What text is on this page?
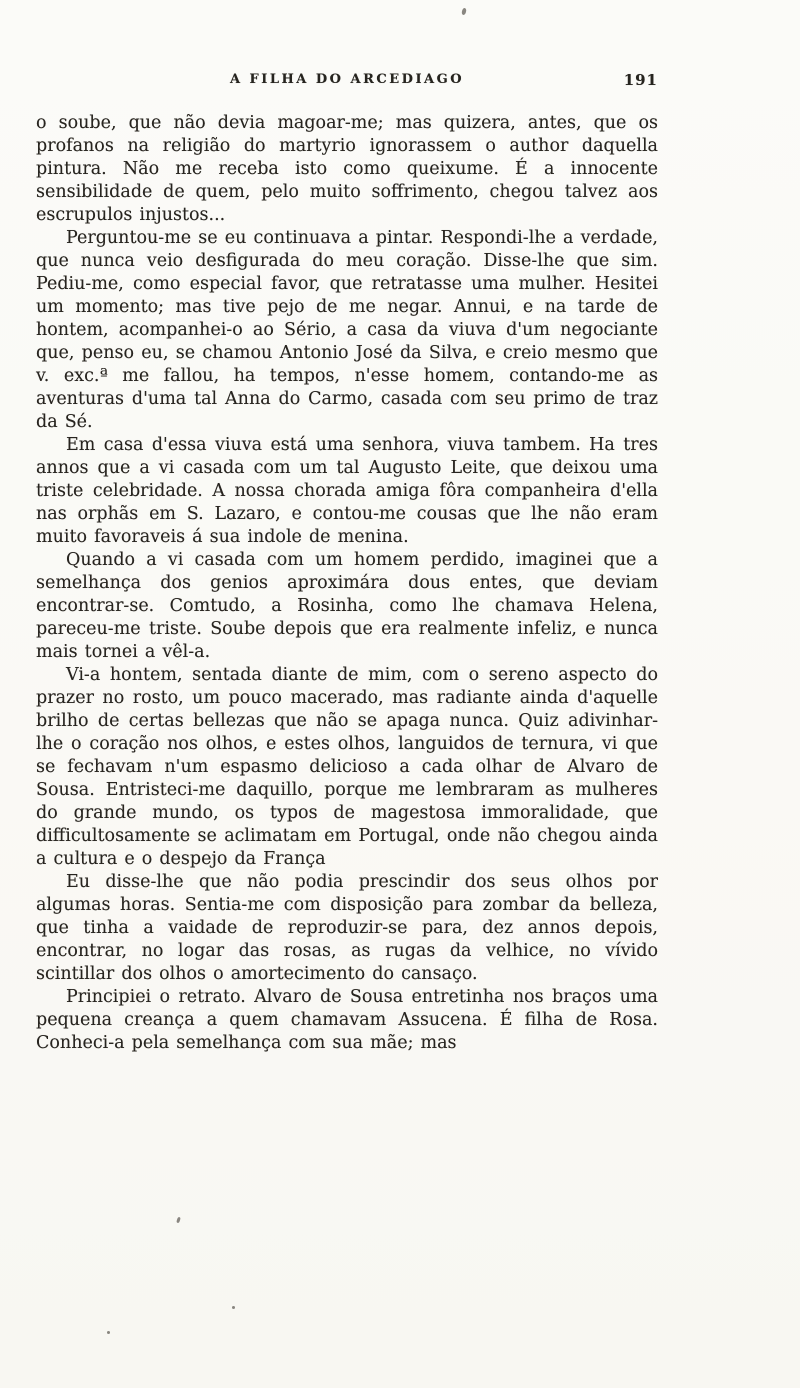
A FILHA DO ARCEDIAGO	191

o soube, que não devia magoar-me; mas quizera, antes, que os profanos na religião do martyrio ignorassem o author daquella pintura. Não me receba isto como queixume. É a innocente sensibilidade de quem, pelo muito soffrimento, chegou talvez aos escrupulos injustos...

Perguntou-me se eu continuava a pintar. Respondi-lhe a verdade, que nunca veio desfigurada do meu coração. Disse-lhe que sim. Pediu-me, como especial favor, que retratasse uma mulher. Hesitei um momento; mas tive pejo de me negar. Annui, e na tarde de hontem, acompanhei-o ao Sério, a casa da viuva d'um negociante que, penso eu, se chamou Antonio José da Silva, e creio mesmo que v. exc.ª me fallou, ha tempos, n'esse homem, contando-me as aventuras d'uma tal Anna do Carmo, casada com seu primo de traz da Sé.

Em casa d'essa viuva está uma senhora, viuva tambem. Ha tres annos que a vi casada com um tal Augusto Leite, que deixou uma triste celebridade. A nossa chorada amiga fôra companheira d'ella nas orphãs em S. Lazaro, e contou-me cousas que lhe não eram muito favoraveis á sua indole de menina.

Quando a vi casada com um homem perdido, imaginei que a semelhança dos genios aproximára dous entes, que deviam encontrar-se. Comtudo, a Rosinha, como lhe chamava Helena, pareceu-me triste. Soube depois que era realmente infeliz, e nunca mais tornei a vêl-a.

Vi-a hontem, sentada diante de mim, com o sereno aspecto do prazer no rosto, um pouco macerado, mas radiante ainda d'aquelle brilho de certas bellezas que não se apaga nunca. Quiz adivinhar-lhe o coração nos olhos, e estes olhos, languidos de ternura, vi que se fechavam n'um espasmo delicioso a cada olhar de Alvaro de Sousa. Entristeci-me daquillo, porque me lembraram as mulheres do grande mundo, os typos de magestosa immoralidade, que difficultosamente se aclimatam em Portugal, onde não chegou ainda a cultura e o despejo da França

Eu disse-lhe que não podia prescindir dos seus olhos por algumas horas. Sentia-me com disposição para zombar da belleza, que tinha a vaidade de reproduzir-se para, dez annos depois, encontrar, no logar das rosas, as rugas da velhice, no vívido scintillar dos olhos o amortecimento do cansaço.

Principiei o retrato. Alvaro de Sousa entretinha nos braços uma pequena creança a quem chamavam Assucena. É filha de Rosa. Conheci-a pela semelhança com sua mãe; mas
